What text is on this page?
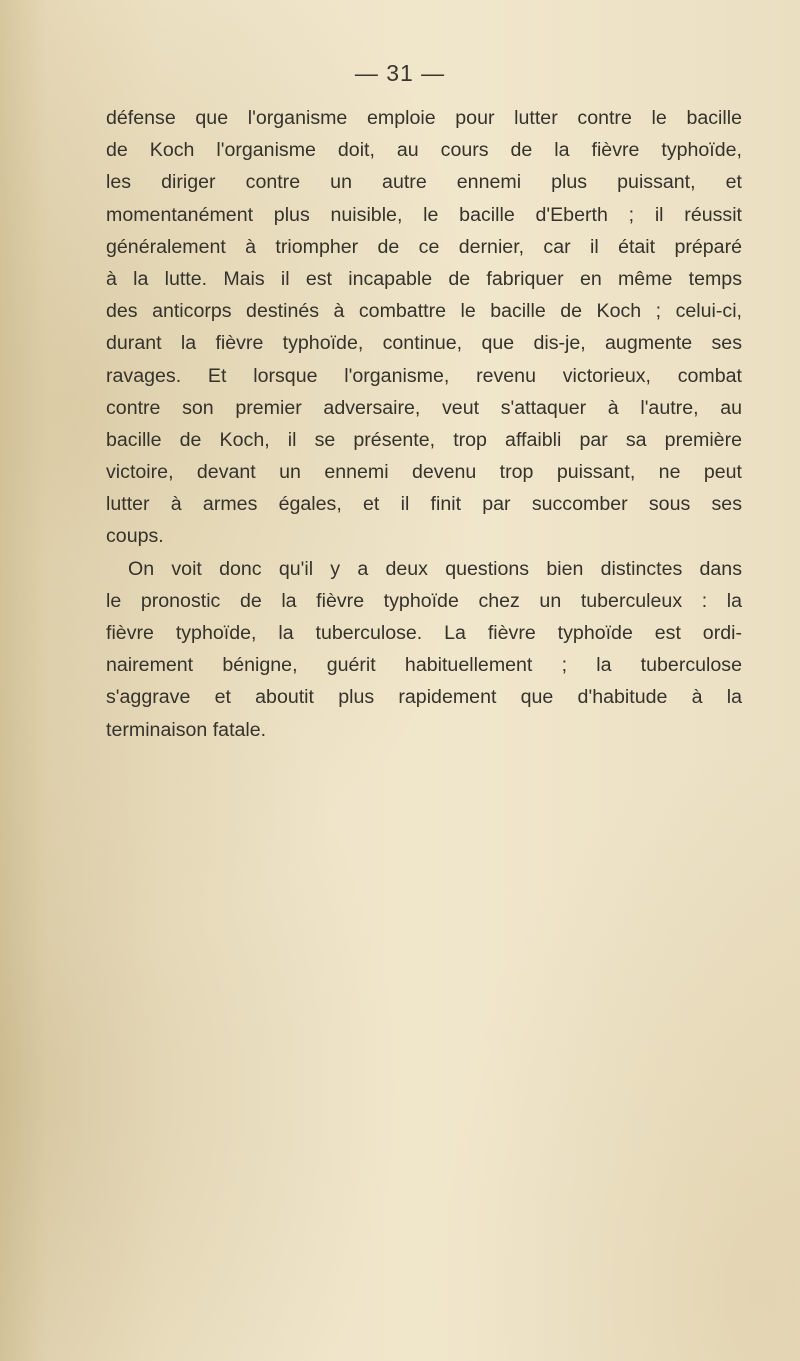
— 31 —
défense que l'organisme emploie pour lutter contre le bacille
de Koch l'organisme doit, au cours de la fièvre typhoïde,
les diriger contre un autre ennemi plus puissant, et
momentanément plus nuisible, le bacille d'Eberth ; il réussit
généralement à triompher de ce dernier, car il était préparé
à la lutte. Mais il est incapable de fabriquer en même temps
des anticorps destinés à combattre le bacille de Koch ; celui-ci,
durant la fièvre typhoïde, continue, que dis-je, augmente ses
ravages. Et lorsque l'organisme, revenu victorieux, combat
contre son premier adversaire, veut s'attaquer à l'autre, au
bacille de Koch, il se présente, trop affaibli par sa première
victoire, devant un ennemi devenu trop puissant, ne peut
lutter à armes égales, et il finit par succomber sous ses
coups.
On voit donc qu'il y a deux questions bien distinctes dans
le pronostic de la fièvre typhoïde chez un tuberculeux : la
fièvre typhoïde, la tuberculose. La fièvre typhoïde est ordi-
nairement bénigne, guérit habituellement ; la tuberculose
s'aggrave et aboutit plus rapidement que d'habitude à la
terminaison fatale.
